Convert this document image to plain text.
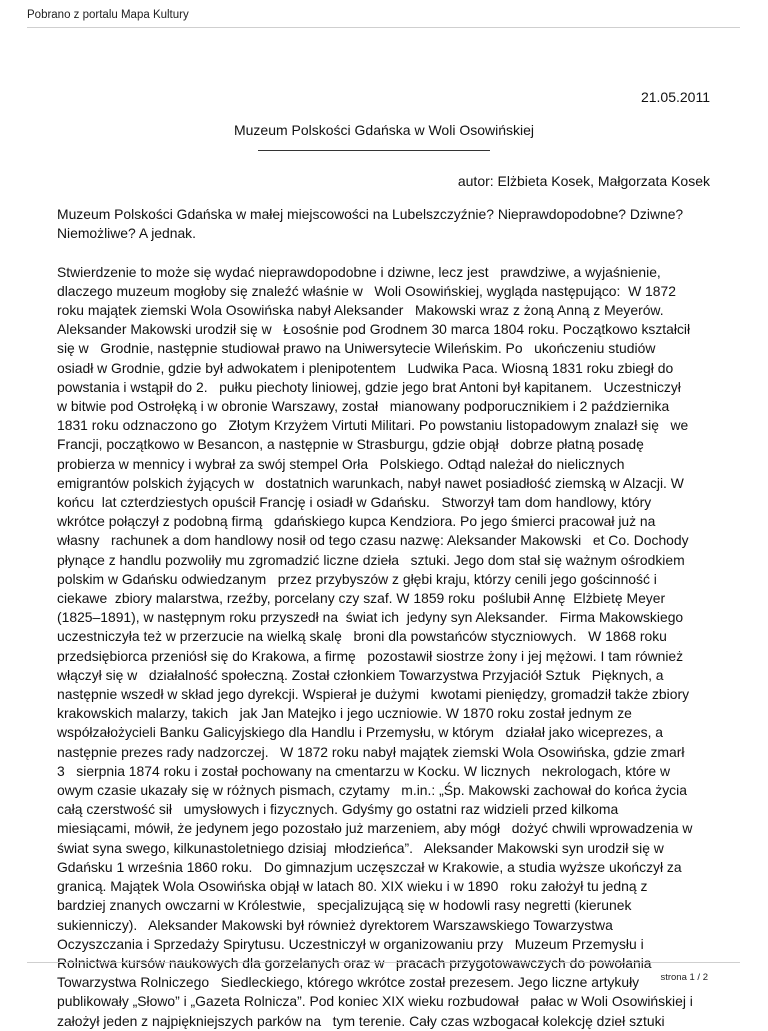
Pobrano z portalu Mapa Kultury
21.05.2011
Muzeum Polskości Gdańska w Woli Osowińskiej
autor: Elżbieta Kosek, Małgorzata Kosek

Muzeum Polskości Gdańska w małej miejscowości na Lubelszczyźnie? Nieprawdopodobne? Dziwne?
Niemożliwe? A jednak.

Stwierdzenie to może się wydać nieprawdopodobne i dziwne, lecz jest   prawdziwe, a wyjaśnienie,
dlaczego muzeum mogłoby się znaleźć właśnie w   Woli Osowińskiej, wygląda następująco:  W 1872
roku majątek ziemski Wola Osowińska nabył Aleksander   Makowski wraz z żoną Anną z Meyerów.
Aleksander Makowski urodził się w   Łosośnie pod Grodnem 30 marca 1804 roku. Początkowo kształcił
się w   Grodnie, następnie studiował prawo na Uniwersytecie Wileńskim. Po   ukończeniu studiów
osiadł w Grodnie, gdzie był adwokatem i plenipotentem   Ludwika Paca. Wiosną 1831 roku zbiegł do
powstania i wstąpił do 2.   pułku piechoty liniowej, gdzie jego brat Antoni był kapitanem.   Uczestniczył
w bitwie pod Ostrołęką i w obronie Warszawy, został   mianowany podporucznikiem i 2 października
1831 roku odznaczono go   Złotym Krzyżem Virtuti Militari. Po powstaniu listopadowym znalazł się   we
Francji, początkowo w Besancon, a następnie w Strasburgu, gdzie objął   dobrze płatną posadę
probierza w mennicy i wybrał za swój stempel Orła   Polskiego. Odtąd należał do nielicznych
emigrantów polskich żyjących w   dostatnich warunkach, nabył nawet posiadłość ziemską w Alzacji. W
końcu  lat czterdziestych opuścił Francję i osiadł w Gdańsku.   Stworzył tam dom handlowy, który
wkrótce połączył z podobną firmą   gdańskiego kupca Kendziora. Po jego śmierci pracował już na
własny   rachunek a dom handlowy nosił od tego czasu nazwę: Aleksander Makowski   et Co. Dochody
płynące z handlu pozwoliły mu zgromadzić liczne dzieła   sztuki. Jego dom stał się ważnym ośrodkiem
polskim w Gdańsku odwiedzanym   przez przybyszów z głębi kraju, którzy cenili jego gościnność i
ciekawe  zbiory malarstwa, rzeźby, porcelany czy szaf. W 1859 roku  poślubił Annę  Elżbietę Meyer
(1825–1891), w następnym roku przyszedł na  świat ich  jedyny syn Aleksander.   Firma Makowskiego
uczestniczyła też w przerzucie na wielką skalę   broni dla powstańców styczniowych.   W 1868 roku
przedsiębiorca przeniósł się do Krakowa, a firmę   pozostawił siostrze żony i jej mężowi. I tam również
włączył się w   działalność społeczną. Został członkiem Towarzystwa Przyjaciół Sztuk   Pięknych, a
następnie wszedł w skład jego dyrekcji. Wspierał je dużymi   kwotami pieniędzy, gromadził także zbiory
krakowskich malarzy, takich   jak Jan Matejko i jego uczniowie. W 1870 roku został jednym ze
współzałożycieli Banku Galicyjskiego dla Handlu i Przemysłu, w którym   działał jako wiceprezes, a
następnie prezes rady nadzorczej.   W 1872 roku nabył majątek ziemski Wola Osowińska, gdzie zmarł
3   sierpnia 1874 roku i został pochowany na cmentarzu w Kocku. W licznych   nekrologach, które w
owym czasie ukazały się w różnych pismach, czytamy   m.in.: „Śp. Makowski zachował do końca życia
całą czerstwość sił   umysłowych i fizycznych. Gdyśmy go ostatni raz widzieli przed kilkoma
miesiącami, mówił, że jedynem jego pozostało już marzeniem, aby mógł   dożyć chwili wprowadzenia w
świat syna swego, kilkunastoletniego dzisiaj  młodzieńca”.   Aleksander Makowski syn urodził się w
Gdańsku 1 września 1860 roku.   Do gimnazjum uczęszczał w Krakowie, a studia wyższe ukończył za
granicą. Majątek Wola Osowińska objął w latach 80. XIX wieku i w 1890   roku założył tu jedną z
bardziej znanych owczarni w Królestwie,   specjalizującą się w hodowli rasy negretti (kierunek
sukienniczy).   Aleksander Makowski był również dyrektorem Warszawskiego Towarzystwa
Oczyszczania i Sprzedaży Spirytusu. Uczestniczył w organizowaniu przy   Muzeum Przemysłu i
Rolnictwa kursów naukowych dla gorzelanych oraz w   pracach przygotowawczych do powołania
Towarzystwa Rolniczego   Siedleckiego, którego wkrótce został prezesem. Jego liczne artykuły
publikowały „Słowo” i „Gazeta Rolnicza”. Pod koniec XIX wieku rozbudował   pałac w Woli Osowińskiej i
założył jeden z najpiękniejszych parków na   tym terenie. Cały czas wzbogacał kolekcję dzieł sztuki

strona 1 / 2
